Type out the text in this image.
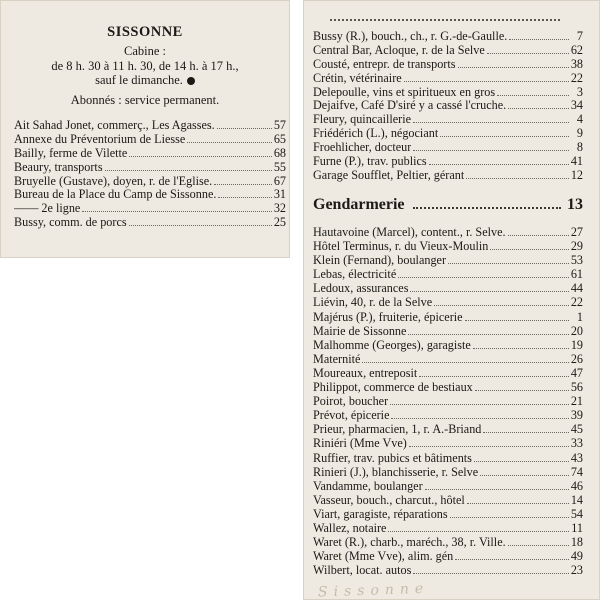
SISSONNE
Cabine :
de 8 h. 30 à 11 h. 30, de 14 h. à 17 h.,
sauf le dimanche.
Abonnés : service permanent.
Ait Sahad Jonet, commerç., Les Agasses.	57
Annexe du Préventorium de Liesse	65
Bailly, ferme de Vilette	68
Beaury, transports	55
Bruyelle (Gustave), doyen, r. de l'Eglise.	67
Bureau de la Place du Camp de Sissonne.	31
—— 2e ligne	32
Bussy, comm. de porcs	25
Bussy (R.), bouch., ch., r. G.-de-Gaulle.	7
Central Bar, Acloque, r. de la Selve	62
Cousté, entrepr. de transports	38
Crétin, vétérinaire	22
Delepoulle, vins et spiritueux en gros	3
Dejaifve, Café D'siré y a cassé l'cruche.	34
Fleury, quincaillerie	4
Friédérich (L.), négociant	9
Froehlicher, docteur	8
Furne (P.), trav. publics	41
Garage Soufflet, Peltier, gérant	12
Gendarmerie	13
Hautavoine (Marcel), content., r. Selve.	27
Hôtel Terminus, r. du Vieux-Moulin	29
Klein (Fernand), boulanger	53
Lebas, électricité	61
Ledoux, assurances	44
Liévin, 40, r. de la Selve	22
Majérus (P.), fruiterie, épicerie	1
Mairie de Sissonne	20
Malhomme (Georges), garagiste	19
Maternité	26
Moureaux, entreposit	47
Philippot, commerce de bestiaux	56
Poirot, boucher	21
Prévot, épicerie	39
Prieur, pharmacien, 1, r. A.-Briand	45
Riniéri (Mme Vve)	33
Ruffier, trav. pubics et bâtiments	43
Rinieri (J.), blanchisserie, r. Selve	74
Vandamme, boulanger	46
Vasseur, bouch., charcut., hôtel	14
Viart, garagiste, réparations	54
Wallez, notaire	11
Waret (R.), charb., maréch., 38, r. Ville.	18
Waret (Mme Vve), alim. gén	49
Wilbert, locat. autos	23
Sissonne
